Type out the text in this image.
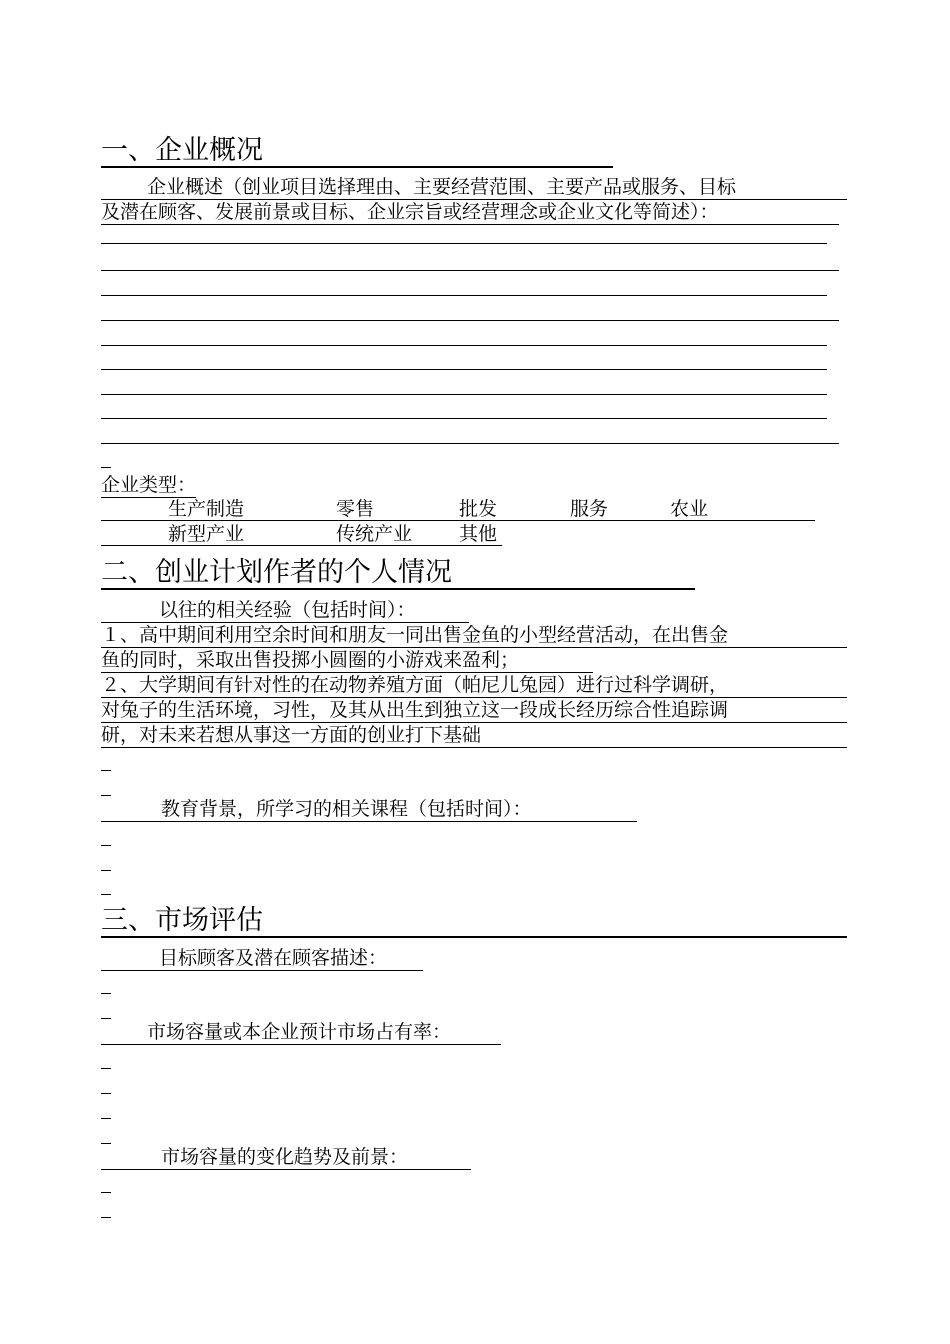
一、企业概况
企业概述（创业项目选择理由、主要经营范围、主要产品或服务、目标
及潜在顾客、发展前景或目标、企业宗旨或经营理念或企业文化等简述）：
企业类型：
生产制造	零售	批发	服务	农业
新型产业	传统产业 其他
二、创业计划作者的个人情况
以往的相关经验（包括时间）：
１、高中期间利用空余时间和朋友一同出售金鱼的小型经营活动，在出售金
鱼的同时，采取出售投掷小圆圈的小游戏来盈利；
２、大学期间有针对性的在动物养殖方面（帕尼儿兔园）进行过科学调研，
对兔子的生活环境，习性，及其从出生到独立这一段成长经历综合性追踪调
研，对未来若想从事这一方面的创业打下基础
教育背景，所学习的相关课程（包括时间）：
三、市场评估
目标顾客及潜在顾客描述：
市场容量或本企业预计市场占有率：
市场容量的变化趋势及前景：
